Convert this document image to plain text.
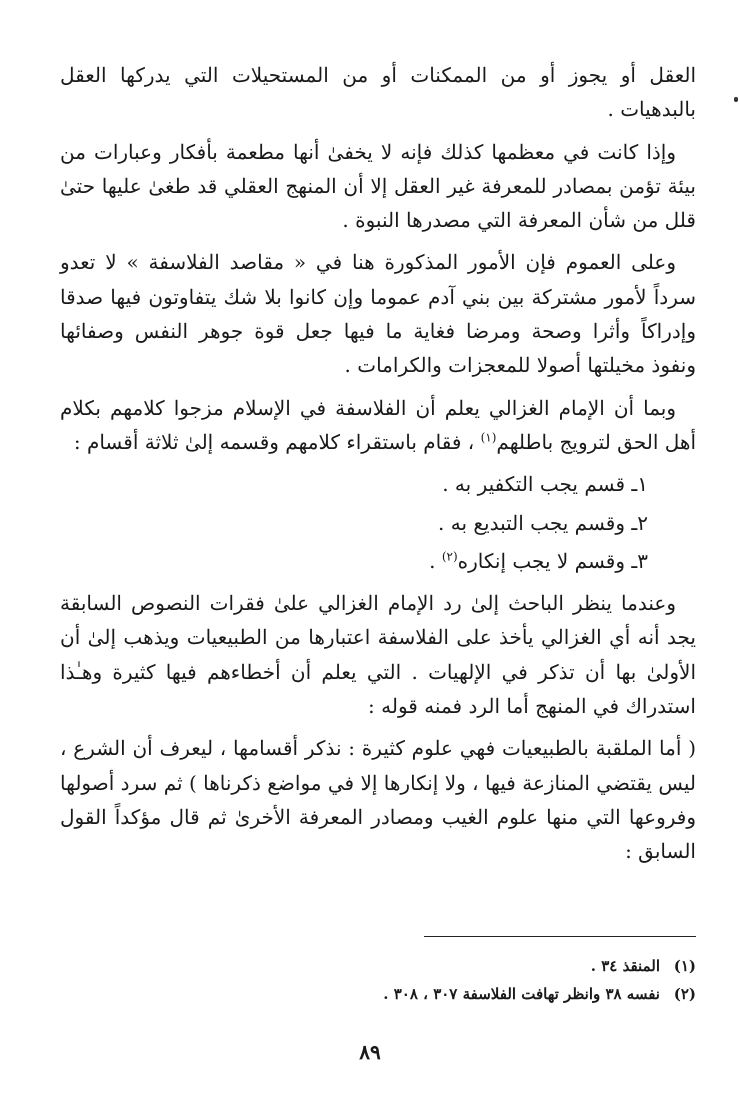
العقل أو يجوز أو من الممكنات أو من المستحيلات التي يدركها العقل بالبدهيات .

وإذا كانت في معظمها كذلك فإنه لا يخفىٰ أنها مطعمة بأفكار وعبارات من بيئة تؤمن بمصادر للمعرفة غير العقل إلا أن المنهج العقلي قد طغىٰ عليها حتىٰ قلل من شأن المعرفة التي مصدرها النبوة .

وعلى العموم فإن الأمور المذكورة هنا في « مقاصد الفلاسفة » لا تعدو سرداً لأمور مشتركة بين بني آدم عموما وإن كانوا بلا شك يتفاوتون فيها صدقا وإدراكاً وأثرا وصحة ومرضا فغاية ما فيها جعل قوة جوهر النفس وصفائها ونفوذ مخيلتها أصولا للمعجزات والكرامات .

وبما أن الإمام الغزالي يعلم أن الفلاسفة في الإسلام مزجوا كلامهم بكلام أهل الحق لترويج باطلهم$^{(١)}$ ، فقام باستقراء كلامهم وقسمه إلىٰ ثلاثة أقسام :

١ـ قسم يجب التكفير به .
٢ـ وقسم يجب التبديع به .
٣ـ وقسم لا يجب إنكاره$^{(٢)}$ .

وعندما ينظر الباحث إلىٰ رد الإمام الغزالي علىٰ فقرات النصوص السابقة يجد أنه أي الغزالي يأخذ على الفلاسفة اعتبارها من الطبيعيات ويذهب إلىٰ أن الأولىٰ بها أن تذكر في الإلهيات . التي يعلم أن أخطاءهم فيها كثيرة وهـٰذا استدراك في المنهج أما الرد فمنه قوله :

( أما الملقبة بالطبيعيات فهي علوم كثيرة : نذكر أقسامها ، ليعرف أن الشرع ، ليس يقتضي المنازعة فيها ، ولا إنكارها إلا في مواضع ذكرناها ) ثم سرد أصولها وفروعها التي منها علوم الغيب ومصادر المعرفة الأخرىٰ ثم قال مؤكداً القول السابق :

(١)المنقذ ٣٤ .

(٢)نفسه ٣٨ وانظر تهافت الفلاسفة ٣٠٧ ، ٣٠٨ .

٨٩
